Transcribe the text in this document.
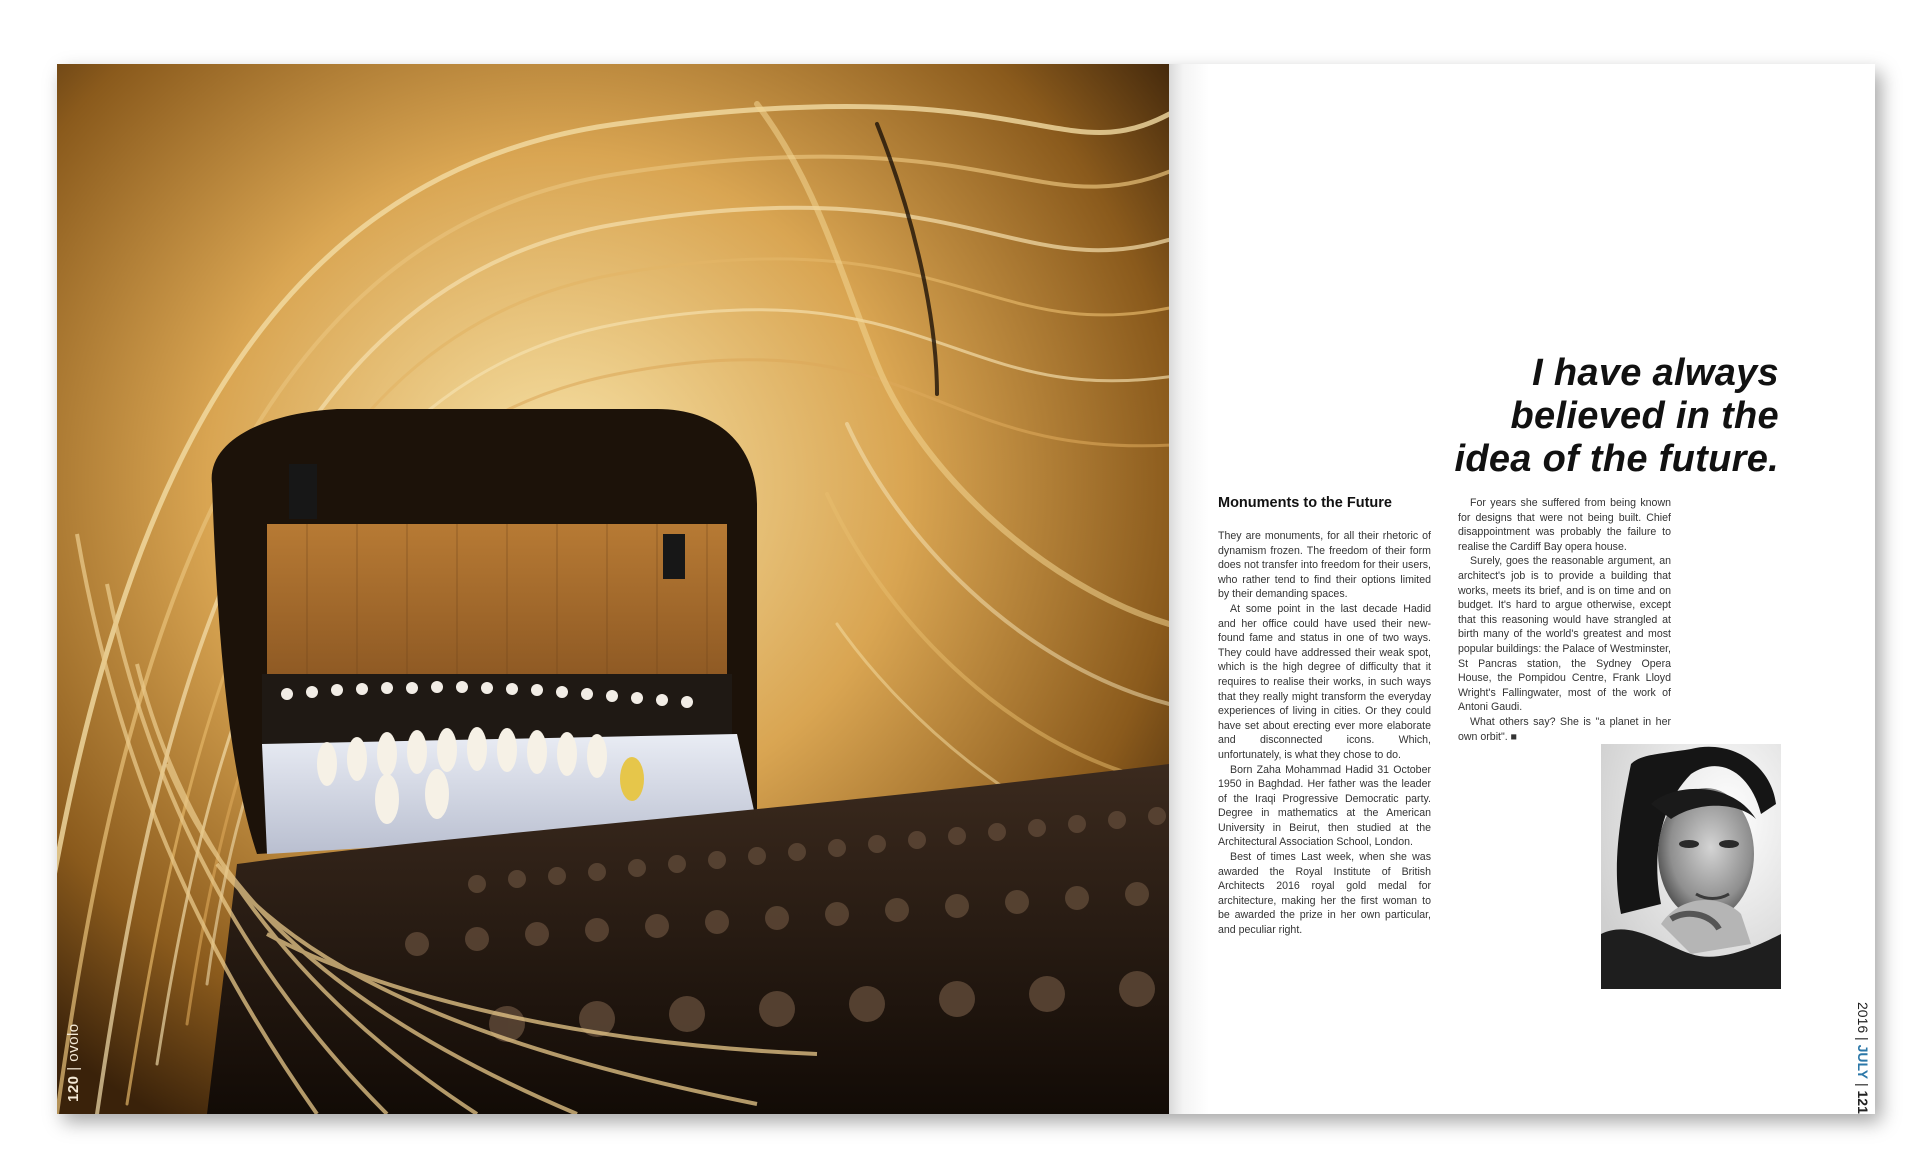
120 | ovolo
I have always
believed in the
idea of the future.
Monuments to the Future

They are monuments, for all their rhetoric of dynamism frozen. The freedom of their form does not transfer into freedom for their users, who rather tend to find their options limited by their demanding spaces.

At some point in the last decade Hadid and her office could have used their new-found fame and status in one of two ways. They could have addressed their weak spot, which is the high degree of difficulty that it requires to realise their works, in such ways that they really might transform the everyday experiences of living in cities. Or they could have set about erecting ever more elaborate and disconnected icons. Which, unfortunately, is what they chose to do.

Born Zaha Mohammad Hadid 31 October 1950 in Baghdad. Her father was the leader of the Iraqi Progressive Democratic party. Degree in mathematics at the American University in Beirut, then studied at the Architectural Association School, London.

Best of times Last week, when she was awarded the Royal Institute of British Architects 2016 royal gold medal for architecture, making her the first woman to be awarded the prize in her own particular, and peculiar right.

For years she suffered from being known for designs that were not being built. Chief disappointment was probably the failure to realise the Cardiff Bay opera house.

Surely, goes the reasonable argument, an architect's job is to provide a building that works, meets its brief, and is on time and on budget. It's hard to argue otherwise, except that this reasoning would have strangled at birth many of the world's greatest and most popular buildings: the Palace of Westminster, St Pancras station, the Sydney Opera House, the Pompidou Centre, Frank Lloyd Wright's Fallingwater, most of the work of Antoni Gaudi.

What others say? She is "a planet in her own orbit". ■

2016 | JULY | 121
